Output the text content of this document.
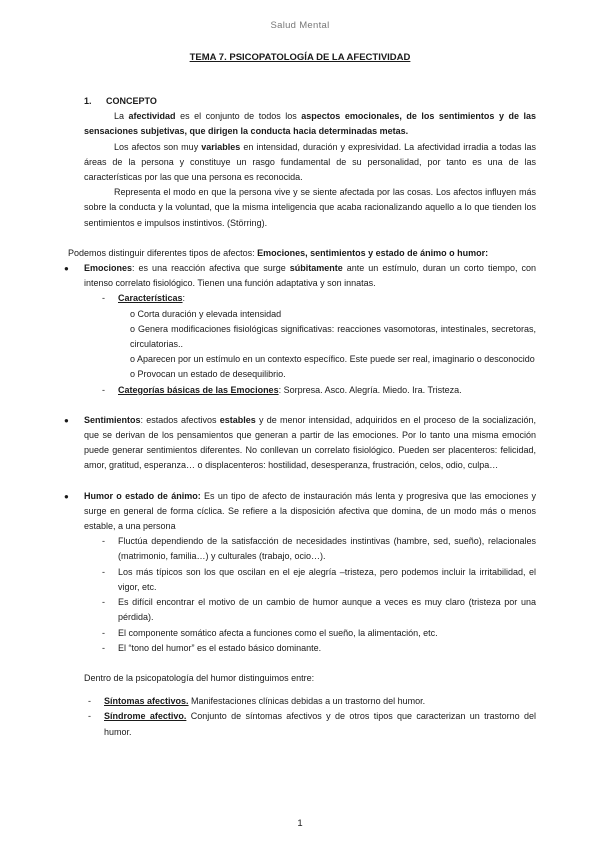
Salud Mental
TEMA 7. PSICOPATOLOGÍA DE LA AFECTIVIDAD

1. CONCEPTO

La afectividad es el conjunto de todos los aspectos emocionales, de los sentimientos y de las sensaciones subjetivas, que dirigen la conducta hacia determinadas metas.

Los afectos son muy variables en intensidad, duración y expresividad. La afectividad irradia a todas las áreas de la persona y constituye un rasgo fundamental de su personalidad, por tanto es una de las características por las que una persona es reconocida.

Representa el modo en que la persona vive y se siente afectada por las cosas. Los afectos influyen más sobre la conducta y la voluntad, que la misma inteligencia que acaba racionalizando aquello a lo que tienden los sentimientos e impulsos instintivos. (Störring).

Podemos distinguir diferentes tipos de afectos: Emociones, sentimientos y estado de ánimo o humor:

● Emociones: es una reacción afectiva que surge súbitamente ante un estímulo, duran un corto tiempo, con intenso correlato fisiológico. Tienen una función adaptativa y son innatas.

- Características:

o Corta duración y elevada intensidad

o Genera modificaciones fisiológicas significativas: reacciones vasomotoras, intestinales, secretoras, circulatorias..

o Aparecen por un estímulo en un contexto específico. Este puede ser real, imaginario o desconocido

o Provocan un estado de desequilibrio.

- Categorías básicas de las Emociones: Sorpresa. Asco. Alegría. Miedo. Ira. Tristeza.

● Sentimientos: estados afectivos estables y de menor intensidad, adquiridos en el proceso de la socialización, que se derivan de los pensamientos que generan a partir de las emociones. Por lo tanto una misma emoción puede generar sentimientos diferentes. No conllevan un correlato fisiológico. Pueden ser placenteros: felicidad, amor, gratitud, esperanza… o displacenteros: hostilidad, desesperanza, frustración, celos, odio, culpa…

● Humor o estado de ánimo: Es un tipo de afecto de instauración más lenta y progresiva que las emociones y surge en general de forma cíclica. Se refiere a la disposición afectiva que domina, de un modo más o menos estable, a una persona

- Fluctúa dependiendo de la satisfacción de necesidades instintivas (hambre, sed, sueño), relacionales (matrimonio, familia…) y culturales (trabajo, ocio…).

- Los más típicos son los que oscilan en el eje alegría –tristeza, pero podemos incluir la irritabilidad, el vigor, etc.

- Es difícil encontrar el motivo de un cambio de humor aunque a veces es muy claro (tristeza por una pérdida).

- El componente somático afecta a funciones como el sueño, la alimentación, etc.

- El “tono del humor” es el estado básico dominante.

Dentro de la psicopatología del humor distinguimos entre:

- Síntomas afectivos. Manifestaciones clínicas debidas a un trastorno del humor.

- Síndrome afectivo. Conjunto de síntomas afectivos y de otros tipos que caracterizan un trastorno del humor.

1
